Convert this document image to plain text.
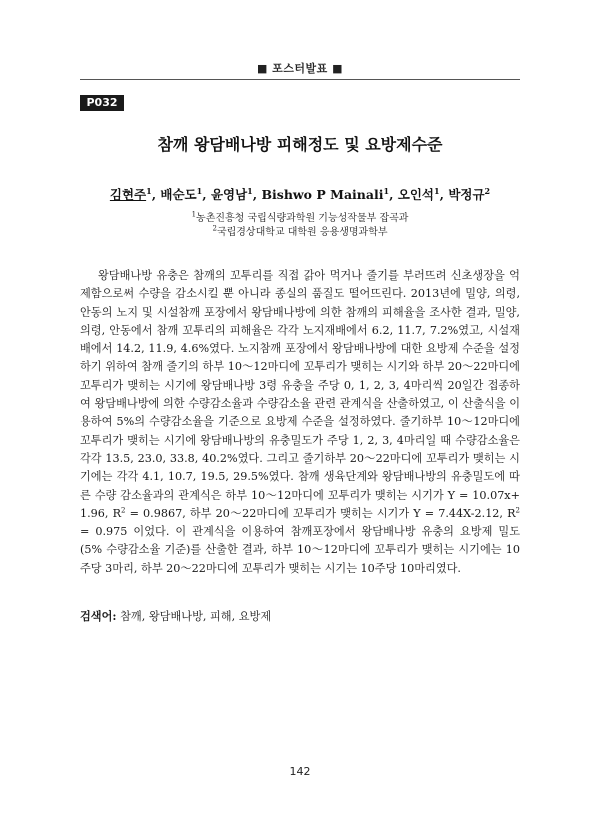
■ 포스터발표 ■
P032
참깨 왕담배나방 피해정도 및 요방제수준
김현주$^1$, 배순도$^1$, 윤영남$^1$, Bishwo P Mainali$^1$, 오인석$^1$, 박정규$^2$
$^1$농촌진흥청 국립식량과학원 기능성작물부 잡곡과
$^2$국립경상대학교 대학원 응용생명과학부

왕담배나방 유충은 참깨의 꼬투리를 직접 갉아 먹거나 줄기를 부러뜨려 신초생장을 억제함으로써 수량을 감소시킬 뿐 아니라 종실의 품질도 떨어뜨린다. 2013년에 밀양, 의령, 안동의 노지 및 시설참깨 포장에서 왕담배나방에 의한 참깨의 피해율을 조사한 결과, 밀양, 의령, 안동에서 참깨 꼬투리의 피해율은 각각 노지재배에서 6.2, 11.7, 7.2%였고, 시설재배에서 14.2, 11.9, 4.6%였다. 노지참깨 포장에서 왕담배나방에 대한 요방제 수준을 설정하기 위하여 참깨 줄기의 하부 10～12마디에 꼬투리가 맺히는 시기와 하부 20～22마디에 꼬투리가 맺히는 시기에 왕담배나방 3령 유충을 주당 0, 1, 2, 3, 4마리씩 20일간 접종하여 왕담배나방에 의한 수량감소율과 수량감소율 관련 관계식을 산출하였고, 이 산출식을 이용하여 5%의 수량감소율을 기준으로 요방제 수준을 설정하였다. 줄기하부 10～12마디에 꼬투리가 맺히는 시기에 왕담배나방의 유충밀도가 주당 1, 2, 3, 4마리일 때 수량감소율은 각각 13.5, 23.0, 33.8, 40.2%였다. 그리고 줄기하부 20～22마디에 꼬투리가 맺히는 시기에는 각각 4.1, 10.7, 19.5, 29.5%였다. 참깨 생육단계와 왕담배나방의 유충밀도에 따른 수량 감소율과의 관계식은 하부 10～12마디에 꼬투리가 맺히는 시기가 Y = 10.07x+1.96, $R^2 = 0.9867$, 하부 20～22마디에 꼬투리가 맺히는 시기가 Y = 7.44X-2.12, $R^2 = 0.975$ 이었다. 이 관계식을 이용하여 참깨포장에서 왕담배나방 유충의 요방제 밀도 (5% 수량감소율 기준)를 산출한 결과, 하부 10～12마디에 꼬투리가 맺히는 시기에는 10주당 3마리, 하부 20～22마디에 꼬투리가 맺히는 시기는 10주당 10마리였다.

검색어: 참깨, 왕담배나방, 피해, 요방제
142
